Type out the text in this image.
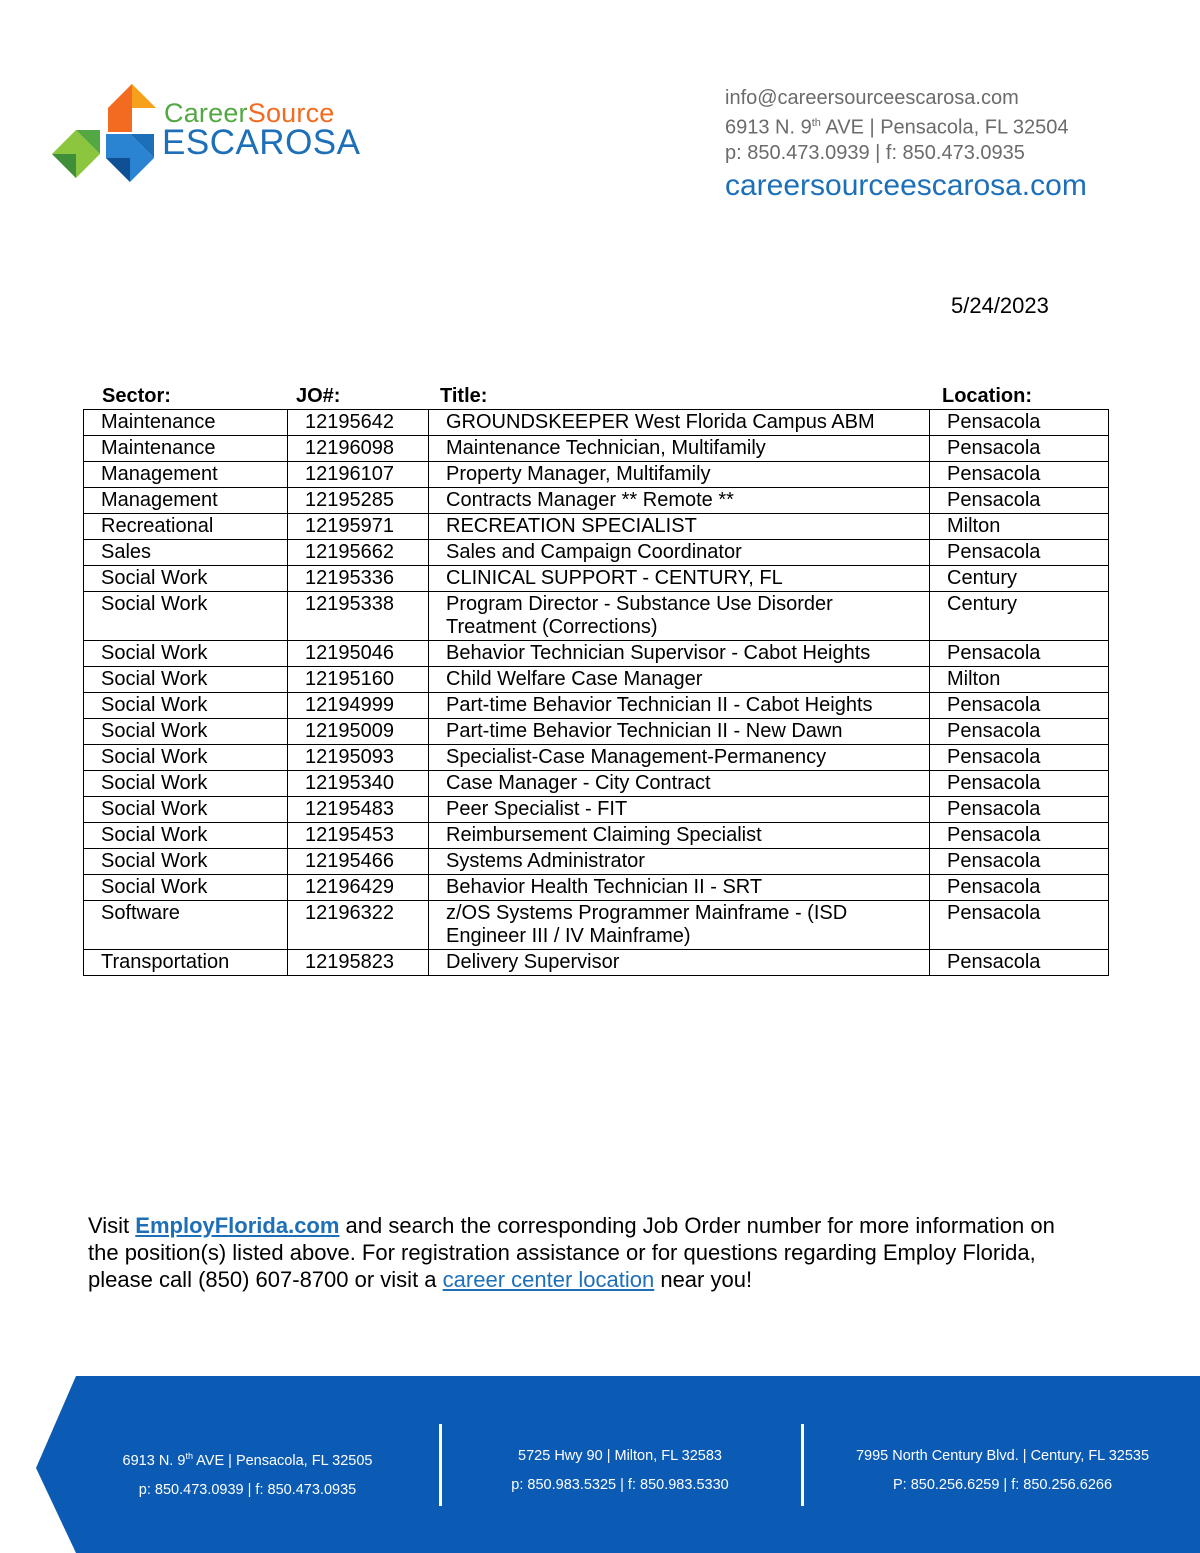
CareerSource
ESCAROSA
info@careersourceescarosa.com
6913 N. 9th AVE | Pensacola, FL 32504
p: 850.473.0939 | f: 850.473.0935
careersourceescarosa.com
5/24/2023
Sector:	JO#:	Title:	Location:
Maintenance	12195642	GROUNDSKEEPER West Florida Campus ABM	Pensacola
Maintenance	12196098	Maintenance Technician, Multifamily	Pensacola
Management	12196107	Property Manager, Multifamily	Pensacola
Management	12195285	Contracts Manager ** Remote **	Pensacola
Recreational	12195971	RECREATION SPECIALIST	Milton
Sales	12195662	Sales and Campaign Coordinator	Pensacola
Social Work	12195336	CLINICAL SUPPORT - CENTURY, FL	Century
Social Work	12195338	Program Director - Substance Use Disorder Treatment (Corrections)	Century
Social Work	12195046	Behavior Technician Supervisor - Cabot Heights	Pensacola
Social Work	12195160	Child Welfare Case Manager	Milton
Social Work	12194999	Part-time Behavior Technician II - Cabot Heights	Pensacola
Social Work	12195009	Part-time Behavior Technician II - New Dawn	Pensacola
Social Work	12195093	Specialist-Case Management-Permanency	Pensacola
Social Work	12195340	Case Manager - City Contract	Pensacola
Social Work	12195483	Peer Specialist - FIT	Pensacola
Social Work	12195453	Reimbursement Claiming Specialist	Pensacola
Social Work	12195466	Systems Administrator	Pensacola
Social Work	12196429	Behavior Health Technician II - SRT	Pensacola
Software	12196322	z/OS Systems Programmer Mainframe - (ISD Engineer III / IV Mainframe)	Pensacola
Transportation	12195823	Delivery Supervisor	Pensacola
Visit EmployFlorida.com and search the corresponding Job Order number for more information on the position(s) listed above. For registration assistance or for questions regarding Employ Florida, please call (850) 607-8700 or visit a career center location near you!
6913 N. 9th AVE | Pensacola, FL 32505
p: 850.473.0939 | f: 850.473.0935
5725 Hwy 90 | Milton, FL 32583
p: 850.983.5325 | f: 850.983.5330
7995 North Century Blvd. | Century, FL 32535
P: 850.256.6259 | f: 850.256.6266
